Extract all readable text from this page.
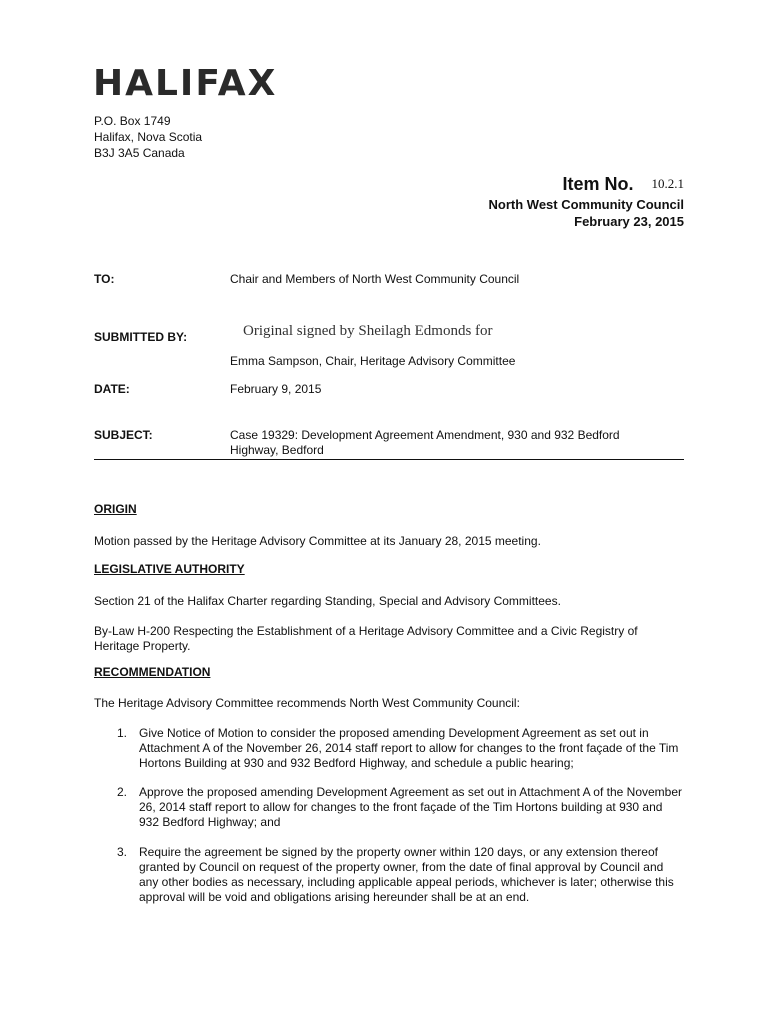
HALIFAX
P.O. Box 1749
Halifax, Nova Scotia
B3J 3A5 Canada
Item No. 10.2.1
North West Community Council
February 23, 2015
TO:	Chair and Members of North West Community Council
SUBMITTED BY:	Original signed by Sheilagh Edmonds for
Emma Sampson, Chair, Heritage Advisory Committee
DATE:	February 9, 2015
SUBJECT:	Case 19329: Development Agreement Amendment, 930 and 932 Bedford Highway, Bedford
ORIGIN
Motion passed by the Heritage Advisory Committee at its January 28, 2015 meeting.
LEGISLATIVE AUTHORITY
Section 21 of the Halifax Charter regarding Standing, Special and Advisory Committees.
By-Law H-200 Respecting the Establishment of a Heritage Advisory Committee and a Civic Registry of Heritage Property.
RECOMMENDATION
The Heritage Advisory Committee recommends North West Community Council:
1. Give Notice of Motion to consider the proposed amending Development Agreement as set out in Attachment A of the November 26, 2014 staff report to allow for changes to the front façade of the Tim Hortons Building at 930 and 932 Bedford Highway, and schedule a public hearing;
2. Approve the proposed amending Development Agreement as set out in Attachment A of the November 26, 2014 staff report to allow for changes to the front façade of the Tim Hortons building at 930 and 932 Bedford Highway; and
3. Require the agreement be signed by the property owner within 120 days, or any extension thereof granted by Council on request of the property owner, from the date of final approval by Council and any other bodies as necessary, including applicable appeal periods, whichever is later; otherwise this approval will be void and obligations arising hereunder shall be at an end.
